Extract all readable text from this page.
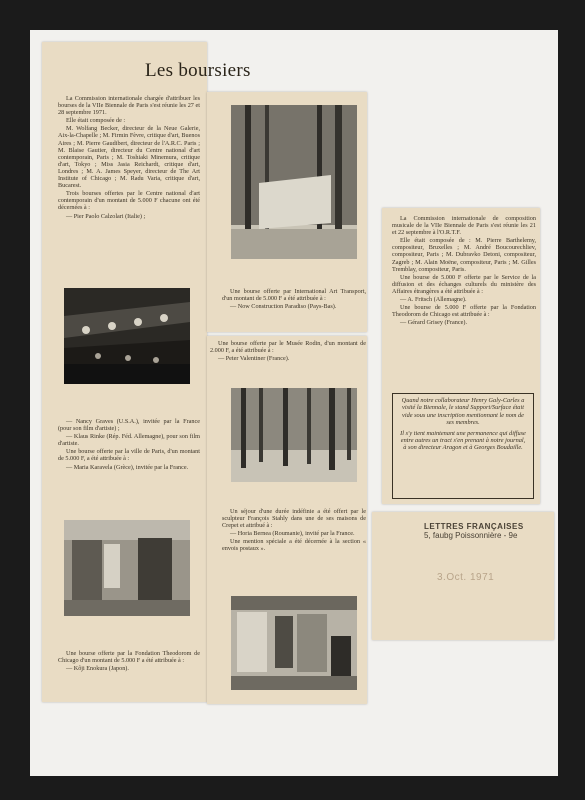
Les boursiers

La Commission internationale chargée d'attribuer les bourses de la VIIe Biennale de Paris s'est réunie les 27 et 28 septembre 1971.

Elle était composée de :

M. Wolfang Becker, directeur de la Neue Galerie, Aix-la-Chapelle ; M. Firmin Fèvre, critique d'art, Buenos Aires ; M. Pierre Gaudibert, directeur de l'A.R.C. Paris ; M. Blaise Gautier, directeur du Centre national d'art contemporain, Paris ; M. Toshiaki Minemura, critique d'art, Tokyo ; Miss Jasia Reichardt, critique d'art, Londres ; M. A. James Speyer, directeur de The Art Institute of Chicago ; M. Radu Varia, critique d'art, Bucarest.

Trois bourses offertes par le Centre national d'art contemporain d'un montant de 5.000 F chacune ont été décernées à :

— Pier Paolo Calzolari (Italie) ;

— Nancy Graves (U.S.A.), invitée par la France (pour son film d'artiste) ;

— Klaus Rinke (Rép. Féd. Allemagne), pour son film d'artiste.

Une bourse offerte par la ville de Paris, d'un montant de 5.000 F, a été attribuée à :

— Maria Karavela (Grèce), invitée par la France.

Une bourse offerte par la Fondation Theodorom de Chicago d'un montant de 5.000 F a été attribuée à :

— Kôji Enokura (Japon).

Une bourse offerte par International Art Transport, d'un montant de 5.000 F a été attribuée à :

— Now Construction Paradiso (Pays-Bas).

Une bourse offerte par le Musée Rodin, d'un montant de 2.000 F, a été attribuée à :

— Peter Valentiner (France).

Un séjour d'une durée indéfinie a été offert par le sculpteur François Stahly dans une de ses maisons de Crepet et attribué à :

— Horia Bernea (Roumanie), invité par la France.

Une mention spéciale a été décernée à la section « envois postaux ».

La Commission internationale de composition musicale de la VIIe Biennale de Paris s'est réunie les 21 et 22 septembre à l'O.R.T.F.

Elle était composée de : M. Pierre Barthelemy, compositeur, Bruxelles ; M. André Boucourechliev, compositeur, Paris ; M. Dubravko Detoni, compositeur, Zagreb ; M. Alain Moëne, compositeur, Paris ; M. Gilles Tremblay, compositeur, Paris.

Une bourse de 5.000 F offerte par le Service de la diffusion et des échanges culturels du ministère des Affaires étrangères a été attribuée à :

— A. Fritsch (Allemagne).

Une bourse de 5.000 F offerte par la Fondation Theodorom de Chicago est attribuée à :

— Gérard Grisey (France).

Quand notre collaborateur Henry Galy-Carles a visité la Biennale, le stand Support/Surface était vide sous une inscription mentionnant le nom de ses membres.

Il s'y tient maintenant une permanence qui diffuse entre autres un tract s'en prenant à notre journal, à son directeur Aragon et à Georges Boudaille.

LETTRES FRANÇAISES
5, faubg Poissonnière - 9e
3.Oct. 1971
